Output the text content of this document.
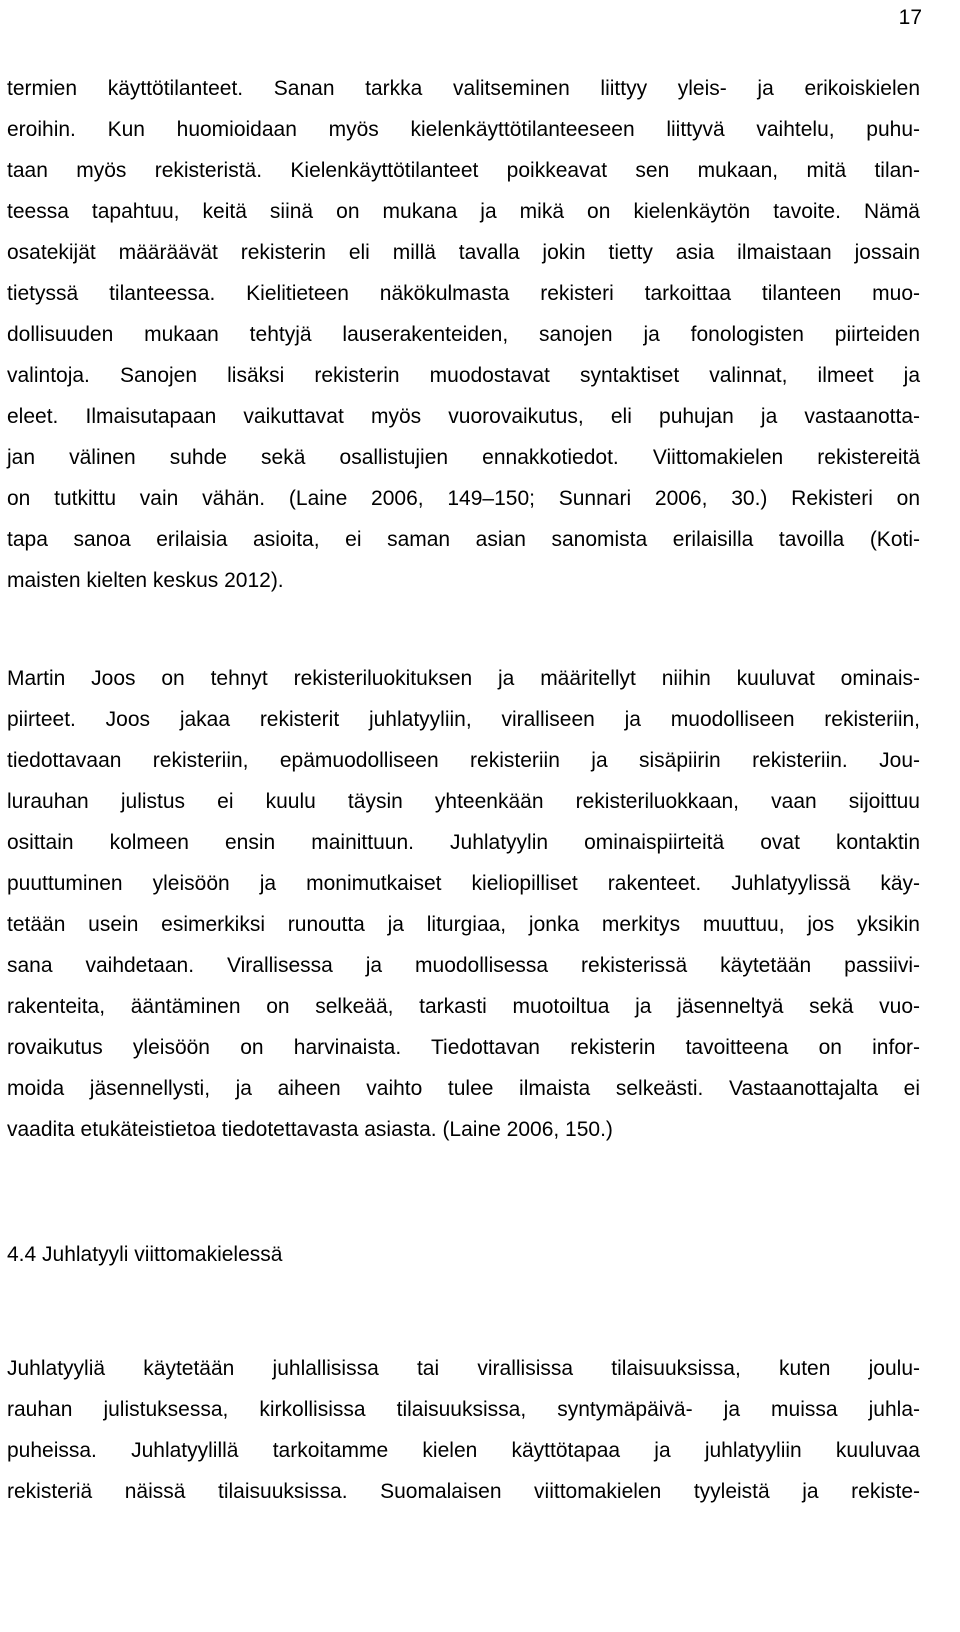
17
termien käyttötilanteet. Sanan tarkka valitseminen liittyy yleis- ja erikoiskielen
eroihin. Kun huomioidaan myös kielenkäyttötilanteeseen liittyvä vaihtelu, puhu-
taan myös rekisteristä. Kielenkäyttötilanteet poikkeavat sen mukaan, mitä tilan-
teessa tapahtuu, keitä siinä on mukana ja mikä on kielenkäytön tavoite. Nämä
osatekijät määräävät rekisterin eli millä tavalla jokin tietty asia ilmaistaan jossain
tietyssä tilanteessa. Kielitieteen näkökulmasta rekisteri tarkoittaa tilanteen muo-
dollisuuden mukaan tehtyjä lauserakenteiden, sanojen ja fonologisten piirteiden
valintoja. Sanojen lisäksi rekisterin muodostavat syntaktiset valinnat, ilmeet ja
eleet. Ilmaisutapaan vaikuttavat myös vuorovaikutus, eli puhujan ja vastaanotta-
jan välinen suhde sekä osallistujien ennakkotiedot. Viittomakielen rekistereitä
on tutkittu vain vähän. (Laine 2006, 149–150; Sunnari 2006, 30.) Rekisteri on
tapa sanoa erilaisia asioita, ei saman asian sanomista erilaisilla tavoilla (Koti-
maisten kielten keskus 2012).
Martin Joos on tehnyt rekisteriluokituksen ja määritellyt niihin kuuluvat ominais-
piirteet. Joos jakaa rekisterit juhlatyyliin, viralliseen ja muodolliseen rekisteriin,
tiedottavaan rekisteriin, epämuodolliseen rekisteriin ja sisäpiirin rekisteriin. Jou-
lurauhan julistus ei kuulu täysin yhteenkään rekisteriluokkaan, vaan sijoittuu
osittain kolmeen ensin mainittuun. Juhlatyylin ominaispiirteitä ovat kontaktin
puuttuminen yleisöön ja monimutkaiset kieliopilliset rakenteet. Juhlatyylissä käy-
tetään usein esimerkiksi runoutta ja liturgiaa, jonka merkitys muuttuu, jos yksikin
sana vaihdetaan. Virallisessa ja muodollisessa rekisterissä käytetään passiivi-
rakenteita, ääntäminen on selkeää, tarkasti muotoiltua ja jäsenneltyä sekä vuo-
rovaikutus yleisöön on harvinaista. Tiedottavan rekisterin tavoitteena on infor-
moida jäsennellysti, ja aiheen vaihto tulee ilmaista selkeästi. Vastaanottajalta ei
vaadita etukäteistietoa tiedotettavasta asiasta. (Laine 2006, 150.)
4.4 Juhlatyyli viittomakielessä
Juhlatyyliä käytetään juhlallisissa tai virallisissa tilaisuuksissa, kuten joulu-
rauhan julistuksessa, kirkollisissa tilaisuuksissa, syntymäpäivä- ja muissa juhla-
puheissa. Juhlatyylillä tarkoitamme kielen käyttötapaa ja juhlatyyliin kuuluvaa
rekisteriä näissä tilaisuuksissa. Suomalaisen viittomakielen tyyleistä ja rekiste-
